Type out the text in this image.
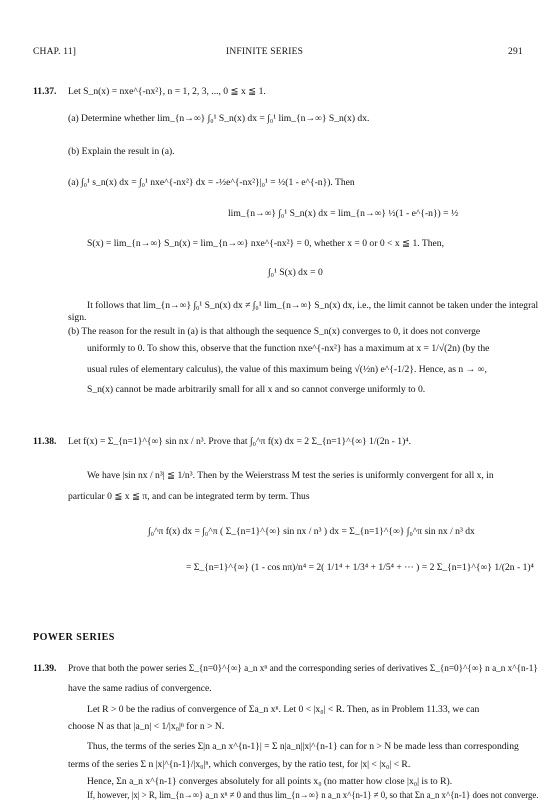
CHAP. 11]	INFINITE SERIES	291
11.37. Let S_n(x) = nxe^{-nx²}, n = 1, 2, 3, ..., 0 ≦ x ≦ 1.
(a) Determine whether lim_{n→∞} ∫₀¹ S_n(x) dx = ∫₀¹ lim_{n→∞} S_n(x) dx.
(b) Explain the result in (a).
(a) ∫₀¹ s_n(x) dx = ∫₀¹ nxe^{-nx²} dx = -½e^{-nx²}|₀¹ = ½(1 - e^{-n}). Then
lim_{n→∞} ∫₀¹ S_n(x) dx = lim_{n→∞} ½(1 - e^{-n}) = ½
S(x) = lim_{n→∞} S_n(x) = lim_{n→∞} nxe^{-nx²} = 0, whether x = 0 or 0 < x ≦ 1. Then,
∫₀¹ S(x) dx = 0
It follows that lim_{n→∞} ∫₀¹ S_n(x) dx ≠ ∫₀¹ lim_{n→∞} S_n(x) dx, i.e., the limit cannot be taken under the integral
sign.
(b) The reason for the result in (a) is that although the sequence S_n(x) converges to 0, it does not converge
uniformly to 0. To show this, observe that the function nxe^{-nx²} has a maximum at x = 1/√(2n) (by the
usual rules of elementary calculus), the value of this maximum being √(½n) e^{-1/2}. Hence, as n → ∞,
S_n(x) cannot be made arbitrarily small for all x and so cannot converge uniformly to 0.
11.38. Let f(x) = Σ_{n=1}^{∞} sin nx / n³. Prove that ∫₀^π f(x) dx = 2 Σ_{n=1}^{∞} 1/(2n - 1)⁴.
We have |sin nx / n³| ≦ 1/n³. Then by the Weierstrass M test the series is uniformly convergent for all x, in
particular 0 ≦ x ≦ π, and can be integrated term by term. Thus
∫₀^π f(x) dx = ∫₀^π ( Σ_{n=1}^{∞} sin nx / n³ ) dx = Σ_{n=1}^{∞} ∫₀^π sin nx / n³ dx
= Σ_{n=1}^{∞} (1 - cos nπ)/n⁴ = 2( 1/1⁴ + 1/3⁴ + 1/5⁴ + ··· ) = 2 Σ_{n=1}^{∞} 1/(2n - 1)⁴
POWER SERIES
11.39. Prove that both the power series Σ_{n=0}^{∞} a_n xⁿ and the corresponding series of derivatives Σ_{n=0}^{∞} n a_n x^{n-1}
have the same radius of convergence.
Let R > 0 be the radius of convergence of Σa_n xⁿ. Let 0 < |x₀| < R. Then, as in Problem 11.33, we can
choose N as that |a_n| < 1/|x₀|ⁿ for n > N.
Thus, the terms of the series Σ|n a_n x^{n-1}| = Σ n|a_n||x|^{n-1} can for n > N be made less than corresponding
terms of the series Σ n |x|^{n-1}/|x₀|ⁿ, which converges, by the ratio test, for |x| < |x₀| < R.
Hence, Σn a_n x^{n-1} converges absolutely for all points x₀ (no matter how close |x₀| is to R).
If, however, |x| > R, lim_{n→∞} a_n xⁿ ≠ 0 and thus lim_{n→∞} n a_n x^{n-1} ≠ 0, so that Σn a_n x^{n-1} does not converge.
